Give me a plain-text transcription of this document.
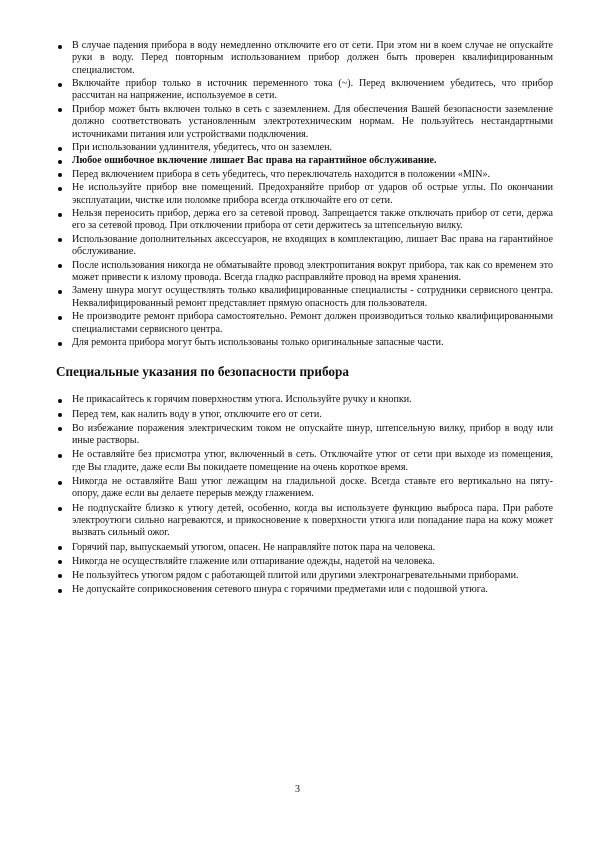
В случае падения прибора в воду немедленно отключите его от сети. При этом ни в коем случае не опускайте руки в воду. Перед повторным использованием прибор должен быть проверен квалифицированным специалистом.
Включайте прибор только в источник переменного тока (~). Перед включением убедитесь, что прибор рассчитан на напряжение, используемое в сети.
Прибор может быть включен только в сеть с заземлением. Для обеспечения Вашей безопасности заземление должно соответствовать установленным электротехническим нормам. Не пользуйтесь нестандартными источниками питания или устройствами подключения.
При использовании удлинителя, убедитесь, что он заземлен.
Любое ошибочное включение лишает Вас права на гарантийное обслуживание.
Перед включением прибора в сеть убедитесь, что переключатель находится в положении «MIN».
Не используйте прибор вне помещений. Предохраняйте прибор от ударов об острые углы. По окончании эксплуатации, чистке или поломке прибора всегда отключайте его от сети.
Нельзя переносить прибор, держа его за сетевой провод. Запрещается также отключать прибор от сети, держа его за сетевой провод. При отключении прибора от сети держитесь за штепсельную вилку.
Использование дополнительных аксессуаров, не входящих в комплектацию, лишает Вас права на гарантийное обслуживание.
После использования никогда не обматывайте провод электропитания вокруг прибора, так как со временем это может привести к излому провода. Всегда гладко расправляйте провод на время хранения.
Замену шнура могут осуществлять только квалифицированные специалисты - сотрудники сервисного центра. Неквалифицированный ремонт представляет прямую опасность для пользователя.
Не производите ремонт прибора самостоятельно. Ремонт должен производиться только квалифицированными специалистами сервисного центра.
Для ремонта прибора могут быть использованы только оригинальные запасные части.
Специальные указания по безопасности прибора
Не прикасайтесь к горячим поверхностям утюга. Используйте ручку и кнопки.
Перед тем, как налить воду в утюг, отключите его от сети.
Во избежание поражения электрическим током не опускайте шнур, штепсельную вилку, прибор в воду или иные растворы.
Не оставляйте без присмотра утюг, включенный в сеть. Отключайте утюг от сети при выходе из помещения, где Вы гладите, даже если Вы покидаете помещение на очень короткое время.
Никогда не оставляйте Ваш утюг лежащим на гладильной доске. Всегда ставьте его вертикально на пяту-опору, даже если вы делаете перерыв между глажением.
Не подпускайте близко к утюгу детей, особенно, когда вы используете функцию выброса пара. При работе электроутюги сильно нагреваются, и прикосновение к поверхности утюга или попадание пара на кожу может вызвать сильный ожог.
Горячий пар, выпускаемый утюгом, опасен. Не направляйте поток пара на человека.
Никогда не осуществляйте глажение или отпаривание одежды, надетой на человека.
Не пользуйтесь утюгом рядом с работающей плитой или другими электронагревательными приборами.
Не допускайте соприкосновения сетевого шнура с горячими предметами или с подошвой утюга.
3
